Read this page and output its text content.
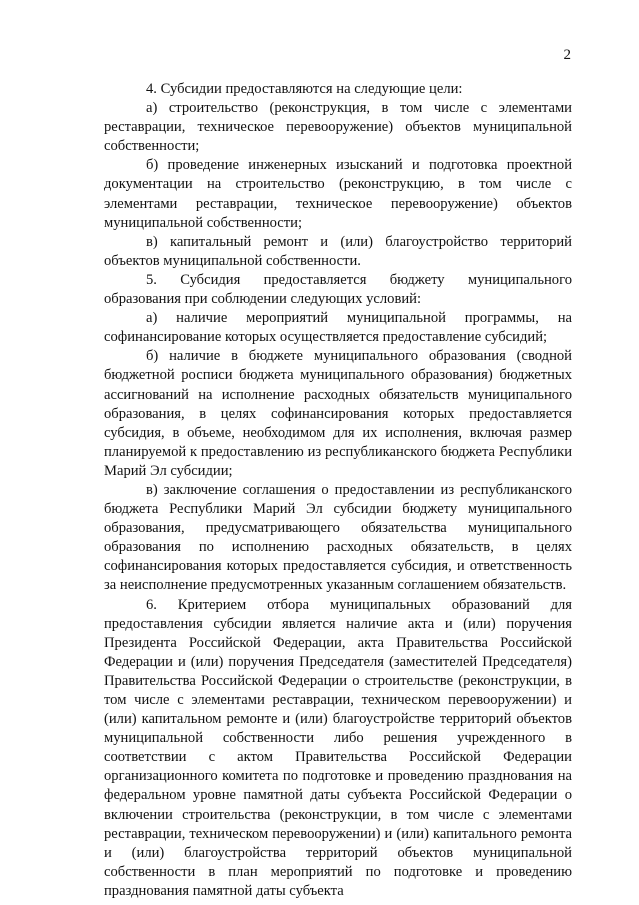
2

4. Субсидии предоставляются на следующие цели:

а) строительство (реконструкция, в том числе с элементами реставрации, техническое перевооружение) объектов муниципальной собственности;

б) проведение инженерных изысканий и подготовка проектной документации на строительство (реконструкцию, в том числе с элементами реставрации, техническое перевооружение) объектов муниципальной собственности;

в) капитальный ремонт и (или) благоустройство территорий объектов муниципальной собственности.

5. Субсидия предоставляется бюджету муниципального образования при соблюдении следующих условий:

а) наличие мероприятий муниципальной программы, на софинансирование которых осуществляется предоставление субсидий;

б) наличие в бюджете муниципального образования (сводной бюджетной росписи бюджета муниципального образования) бюджетных ассигнований на исполнение расходных обязательств муниципального образования, в целях софинансирования которых предоставляется субсидия, в объеме, необходимом для их исполнения, включая размер планируемой к предоставлению из республиканского бюджета Республики Марий Эл субсидии;

в) заключение соглашения о предоставлении из республиканского бюджета Республики Марий Эл субсидии бюджету муниципального образования, предусматривающего обязательства муниципального образования по исполнению расходных обязательств, в целях софинансирования которых предоставляется субсидия, и ответственность за неисполнение предусмотренных указанным соглашением обязательств.

6. Критерием отбора муниципальных образований для предоставления субсидии является наличие акта и (или) поручения Президента Российской Федерации, акта Правительства Российской Федерации и (или) поручения Председателя (заместителей Председателя) Правительства Российской Федерации о строительстве (реконструкции, в том числе с элементами реставрации, техническом перевооружении) и (или) капитальном ремонте и (или) благоустройстве территорий объектов муниципальной собственности либо решения учрежденного в соответствии с актом Правительства Российской Федерации организационного комитета по подготовке и проведению празднования на федеральном уровне памятной даты субъекта Российской Федерации о включении строительства (реконструкции, в том числе с элементами реставрации, техническом перевооружении) и (или) капитального ремонта и (или) благоустройства территорий объектов муниципальной собственности в план мероприятий по подготовке и проведению празднования памятной даты субъекта
